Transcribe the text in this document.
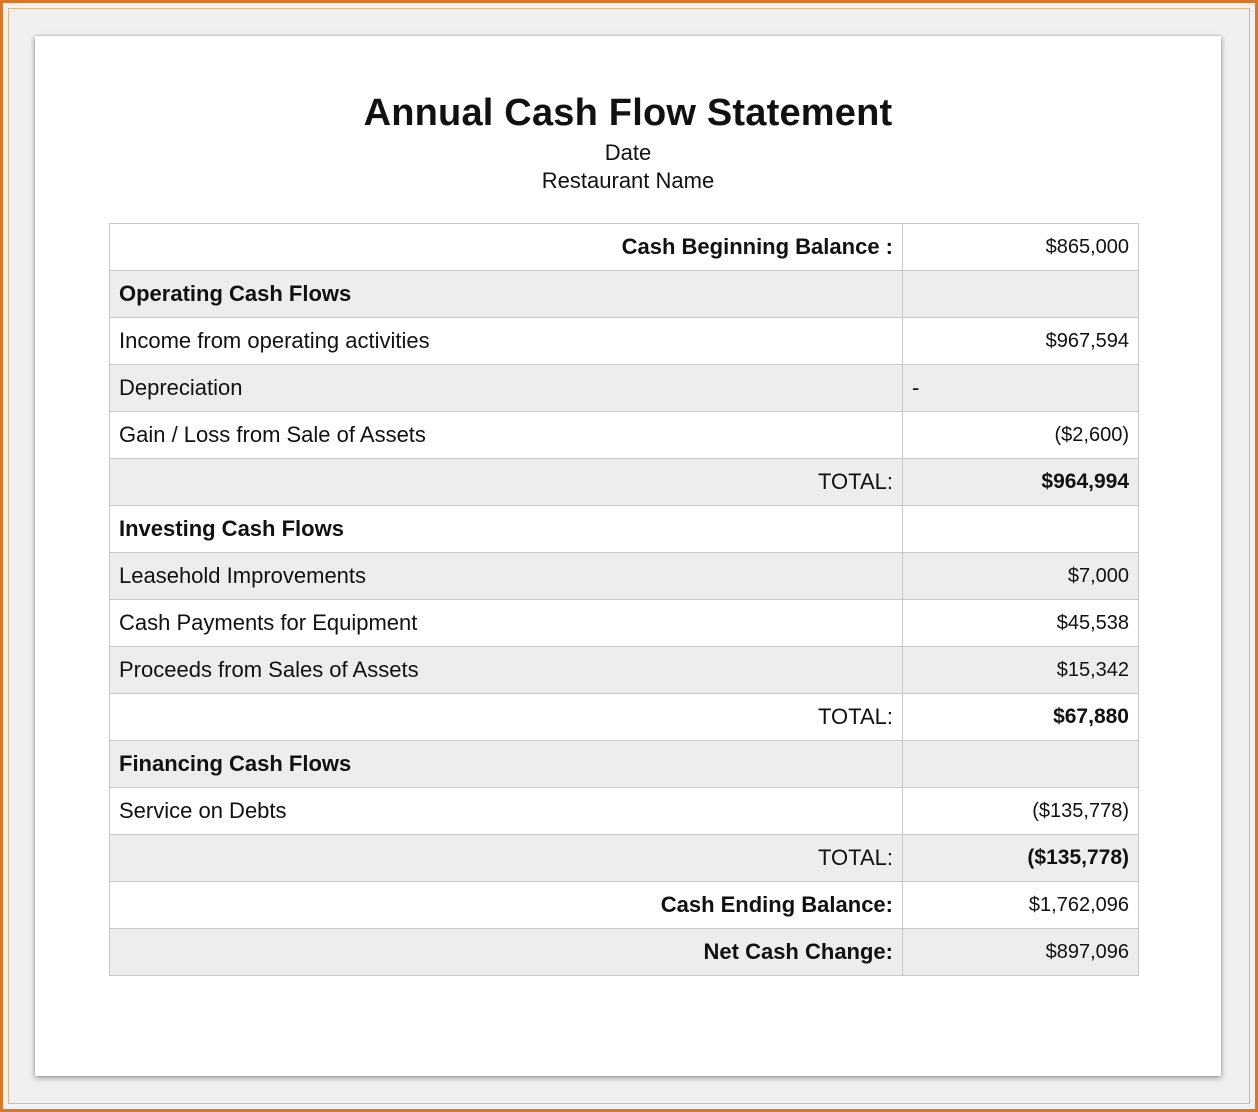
Annual Cash Flow Statement
Date
Restaurant Name
Cash Beginning Balance :	$865,000
Operating Cash Flows	
Income from operating activities	$967,594
Depreciation	-
Gain / Loss from Sale of Assets	($2,600)
TOTAL:	$964,994
Investing Cash Flows	
Leasehold Improvements	$7,000
Cash Payments for Equipment	$45,538
Proceeds from Sales of Assets	$15,342
TOTAL:	$67,880
Financing Cash Flows	
Service on Debts	($135,778)
TOTAL:	($135,778)
Cash Ending Balance:	$1,762,096
Net Cash Change:	$897,096
